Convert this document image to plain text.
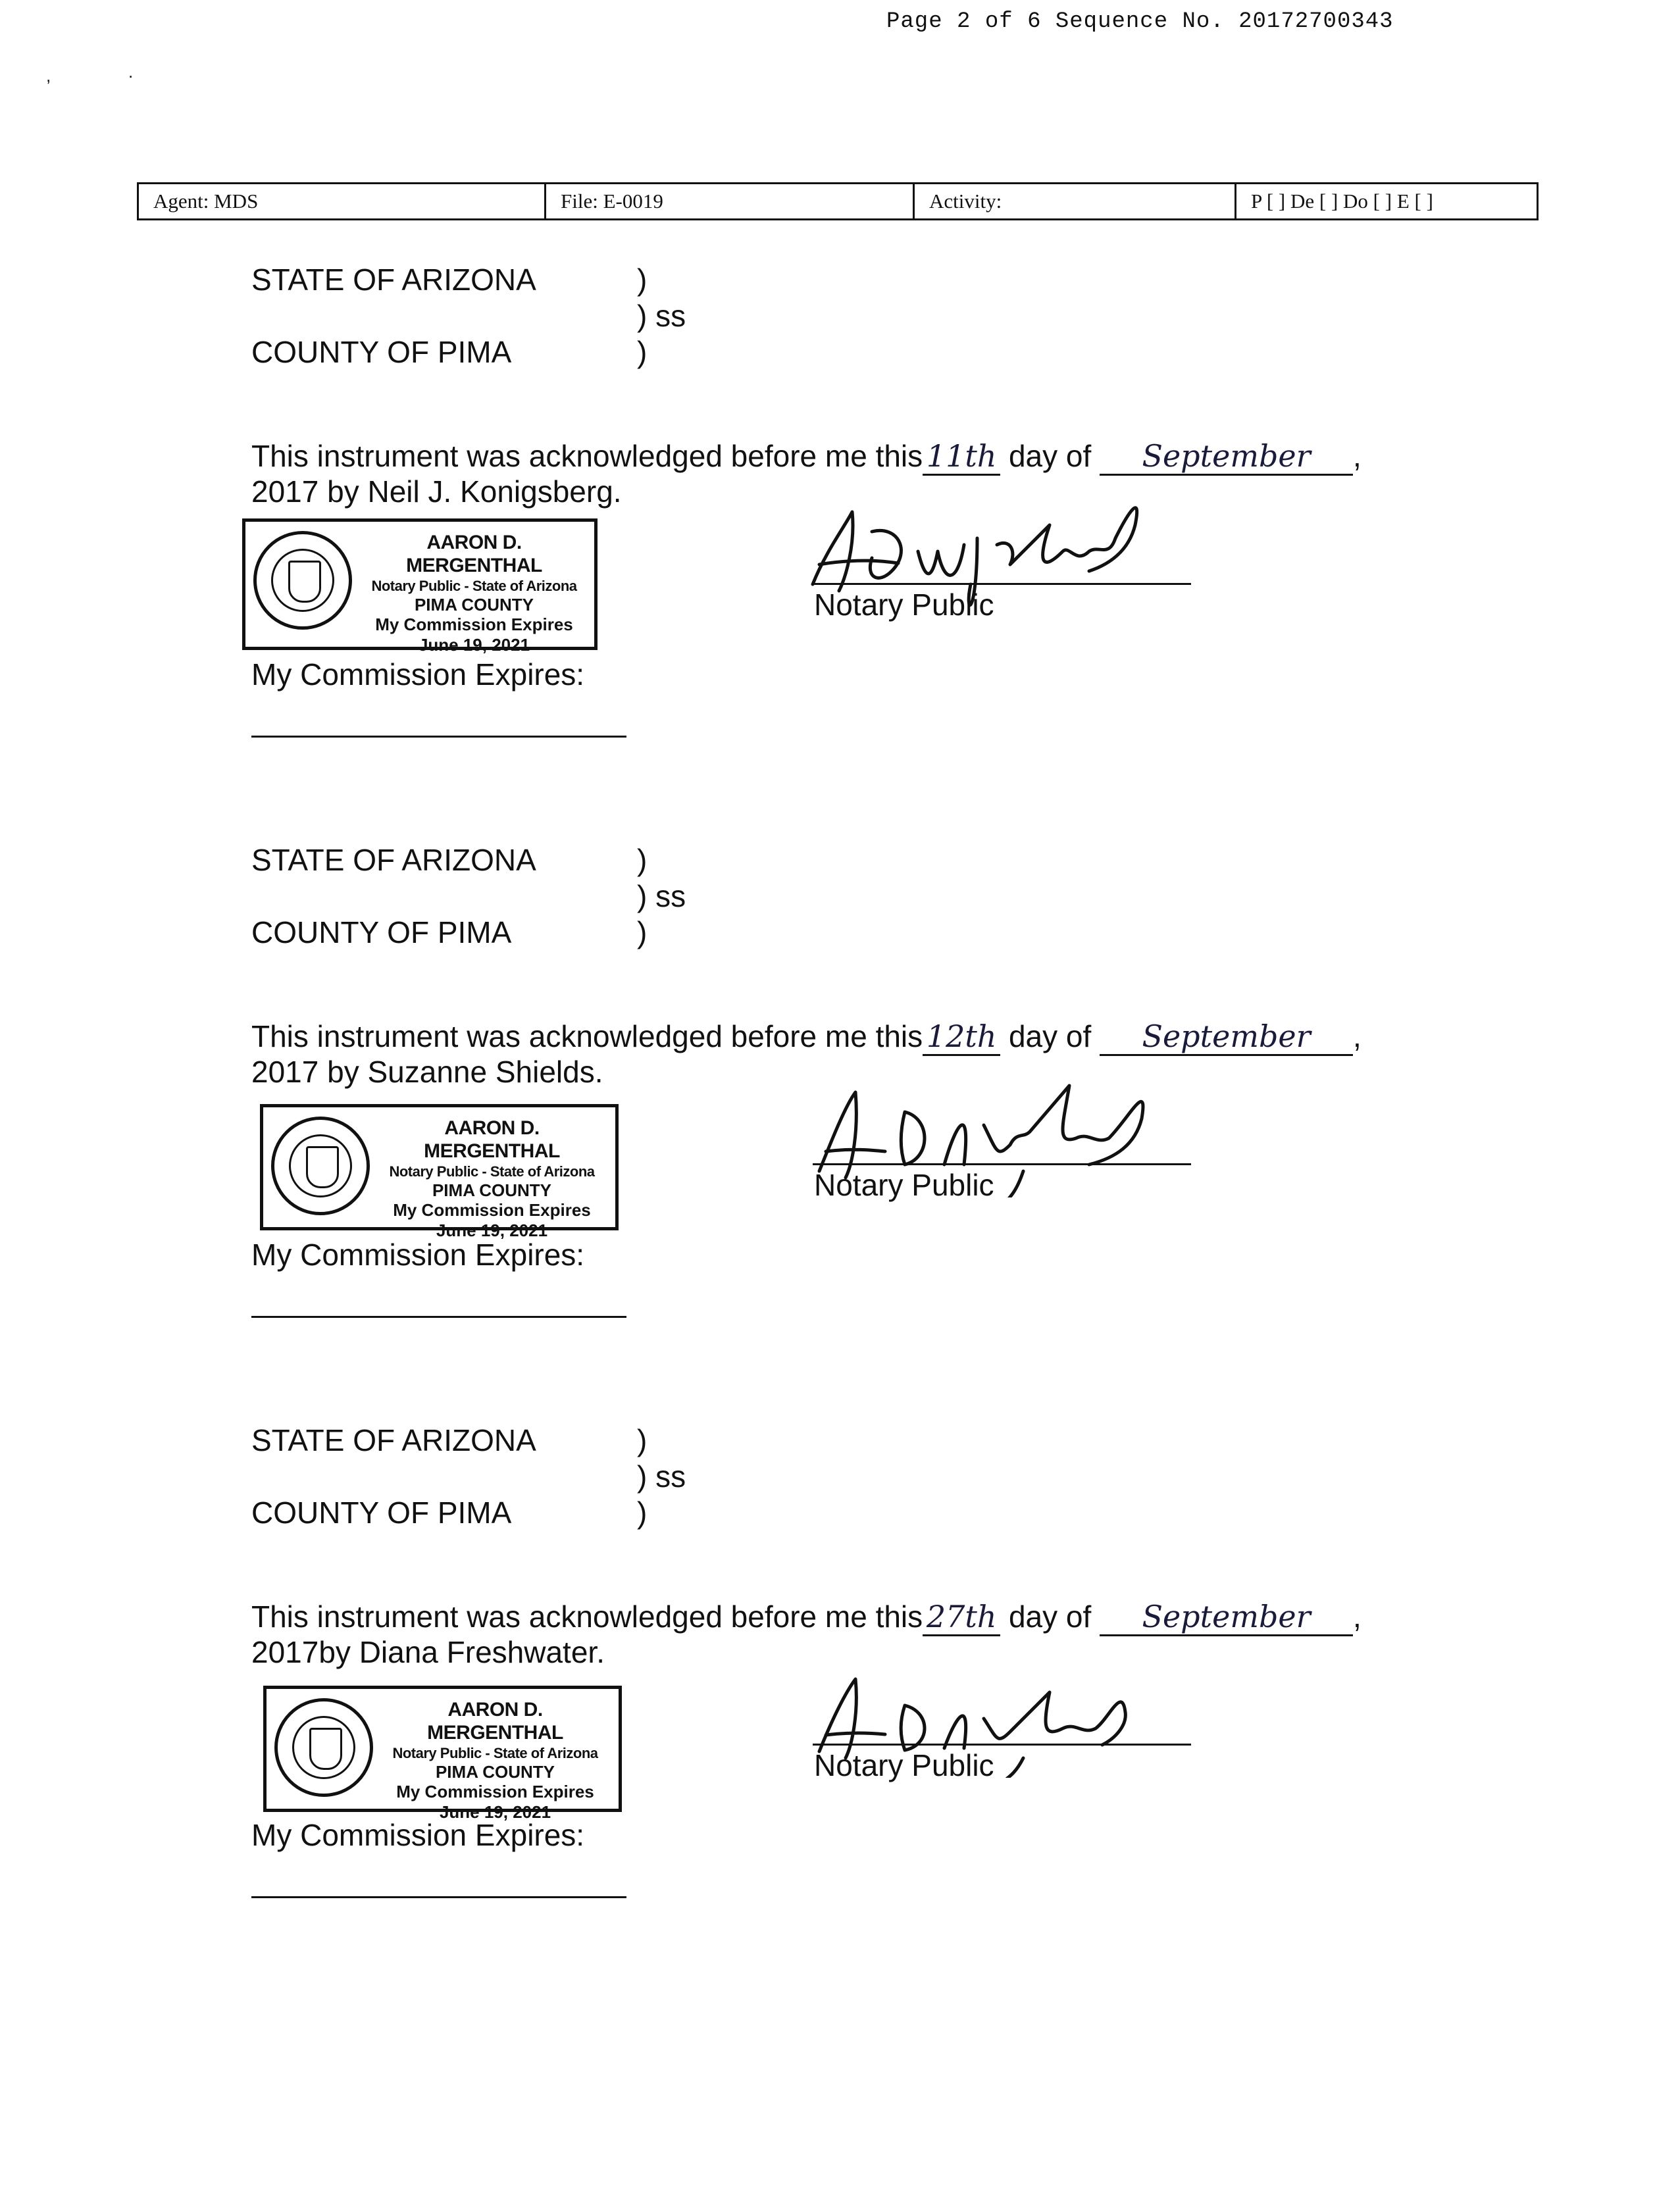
Page 2 of 6 Sequence No. 20172700343
,	.
Agent: MDS	File: E-0019	Activity:	P [ ] De [ ] Do [ ] E [ ]
STATE OF ARIZONA	)
) ss
COUNTY OF PIMA	)
This instrument was acknowledged before me this 11th day of September ,
2017 by Neil J. Konigsberg.
My Commission Expires:
AARON D. MERGENTHAL
Notary Public - State of Arizona
PIMA COUNTY
My Commission Expires
June 19, 2021
Notary Public
STATE OF ARIZONA	)
) ss
COUNTY OF PIMA	)
This instrument was acknowledged before me this 12th day of September ,
2017 by Suzanne Shields.
My Commission Expires:
AARON D. MERGENTHAL
Notary Public - State of Arizona
PIMA COUNTY
My Commission Expires
June 19, 2021
Notary Public
STATE OF ARIZONA	)
) ss
COUNTY OF PIMA	)
This instrument was acknowledged before me this 27th day of September ,
2017by Diana Freshwater.
My Commission Expires:
AARON D. MERGENTHAL
Notary Public - State of Arizona
PIMA COUNTY
My Commission Expires
June 19, 2021
Notary Public
